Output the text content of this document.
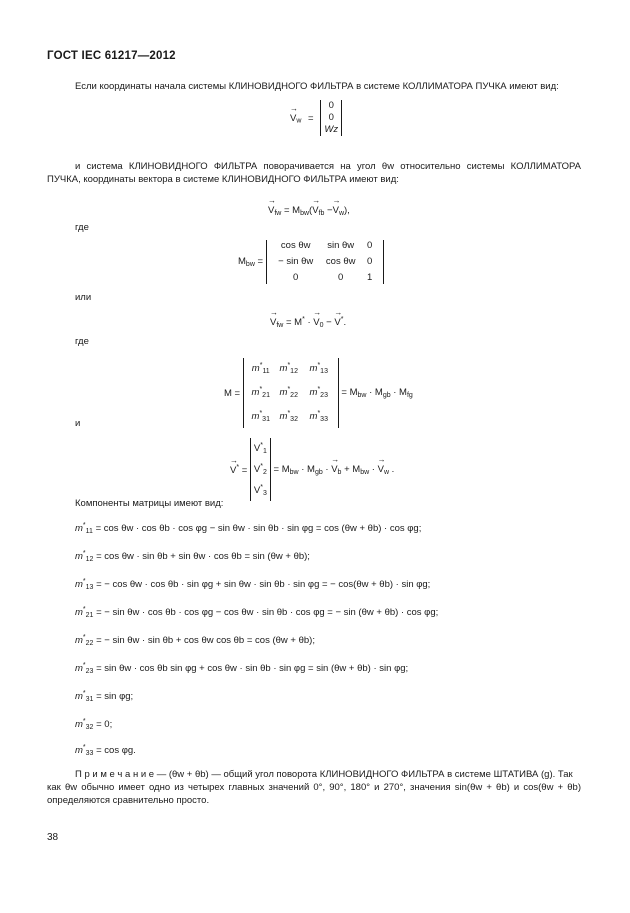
ГОСТ IEC 61217—2012
Если координаты начала системы КЛИНОВИДНОГО ФИЛЬТРА в системе КОЛЛИМАТОРА ПУЧКА имеют вид:
→
$V_w$ =
0
0
Wz
и система КЛИНОВИДНОГО ФИЛЬТРА поворачивается на угол θw относительно системы КОЛЛИМАТОРА ПУЧКА, координаты вектора в системе КЛИНОВИДНОГО ФИЛЬТРА имеют вид:
→
$V_{fw} = M_{bw}$(
→
$V_{fb}$ −
→
$V_w$),
где
$M_{bw}$ =
cos θw sin θw 0
− sin θw cos θw 0
0	0 1
или
→
$V_{fw} = M^*$ ·
→
$V_0$ −
→
V*.
где
M =
$m^*_{11}$ $m^*_{12}$ $m^*_{13}$
$m^*_{21}$ $m^*_{22}$ $m^*_{23}$
$m^*_{31}$ $m^*_{32}$ $m^*_{33}$
= $M_{bw} \cdot M_{gb} \cdot M_{fg}$
и
→
V* =
$V^*_1$
$V^*_2$
$V^*_3$
= $M_{bw} \cdot M_{gb}$ ·
→
$V_b + M_{bw}$ ·
→
$V_w$ .
Компоненты матрицы имеют вид:
$m^*_{11} = \cos \theta w \cdot \cos \theta b \cdot \cos \varphi g - \sin \theta w \cdot \sin \theta b \cdot \sin \varphi g = \cos (\theta w + \theta b) \cdot \cos \varphi g$;
$m^*_{12} = \cos \theta w \cdot \sin \theta b + \sin \theta w \cdot \cos \theta b = \sin (\theta w + \theta b)$;
$m^*_{13}$ = − cos θw · cos θb · sin φg + sin θw · sin θb · sin φg = − cos(θw + θb) · sin φg;
$m^*_{21}$ = − sin θw · cos θb · cos φg − cos θw · sin θb · cos φg = − sin (θw + θb) · cos φg;
$m^*_{22}$ = − sin θw · sin θb + cos θw cos θb = cos (θw + θb);
$m^*_{23} = \sin \theta w \cdot \cos \theta b$ sin φg + cos θw · sin θb · sin φg = sin (θw + θb) · sin φg;
$m^*_{31} = \sin \varphi g$;
$m^*_{32} = 0$;
$m^*_{33} = \cos \varphi g$.
П р и м е ч а н и е — (θw + θb) — общий угол поворота КЛИНОВИДНОГО ФИЛЬТРА в системе ШТАТИВА (g). Так
как θw обычно имеет одно из четырех главных значений 0°, 90°, 180° и 270°, значения sin(θw + θb) и cos(θw + θb) определяются сравнительно просто.
38
